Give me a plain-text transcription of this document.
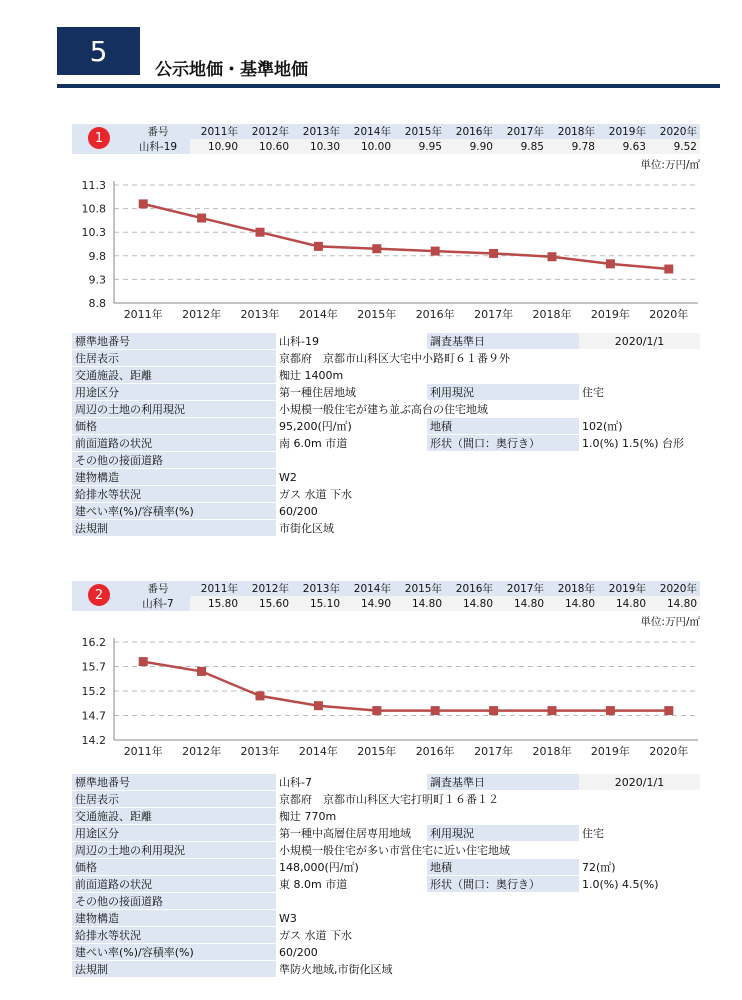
5
公示地価・基準地価
1	番号	2011年	2012年	2013年	2014年	2015年	2016年	2017年	2018年	2019年	2020年
	山科-19	10.90	10.60	10.30	10.00	9.95	9.90	9.85	9.78	9.63	9.52
単位:万円/㎡
11.3
10.8
10.3
9.8
9.3
8.8
2011年 2012年 2013年 2014年 2015年 2016年 2017年 2018年 2019年 2020年
標準地番号	山科-19	調査基準日	2020/1/1
住居表示	京都府　京都市山科区大宅中小路町６１番９外		
交通施設、距離	椥辻 1400m		
用途区分	第一種住居地域	利用現況	住宅
周辺の土地の利用現況	小規模一般住宅が建ち並ぶ高台の住宅地域		
価格	95,200(円/㎡)	地積	102(㎡)
前面道路の状況	南 6.0m 市道	形状（間口：奥行き）	1.0(%) 1.5(%) 台形
その他の接面道路			
建物構造	W2		
給排水等状況	ガス 水道 下水		
建ぺい率(%)/容積率(%)	60/200		
法規制	市街化区域		
2	番号	2011年	2012年	2013年	2014年	2015年	2016年	2017年	2018年	2019年	2020年
	山科-7	15.80	15.60	15.10	14.90	14.80	14.80	14.80	14.80	14.80	14.80
単位:万円/㎡
16.2
15.7
15.2
14.7
14.2
2011年 2012年 2013年 2014年 2015年 2016年 2017年 2018年 2019年 2020年
標準地番号	山科-7	調査基準日	2020/1/1
住居表示	京都府　京都市山科区大宅打明町１６番１２		
交通施設、距離	椥辻 770m		
用途区分	第一種中高層住居専用地域	利用現況	住宅
周辺の土地の利用現況	小規模一般住宅が多い市営住宅に近い住宅地域		
価格	148,000(円/㎡)	地積	72(㎡)
前面道路の状況	東 8.0m 市道	形状（間口：奥行き）	1.0(%) 4.5(%)
その他の接面道路			
建物構造	W3		
給排水等状況	ガス 水道 下水		
建ぺい率(%)/容積率(%)	60/200		
法規制	準防火地域,市街化区域		
